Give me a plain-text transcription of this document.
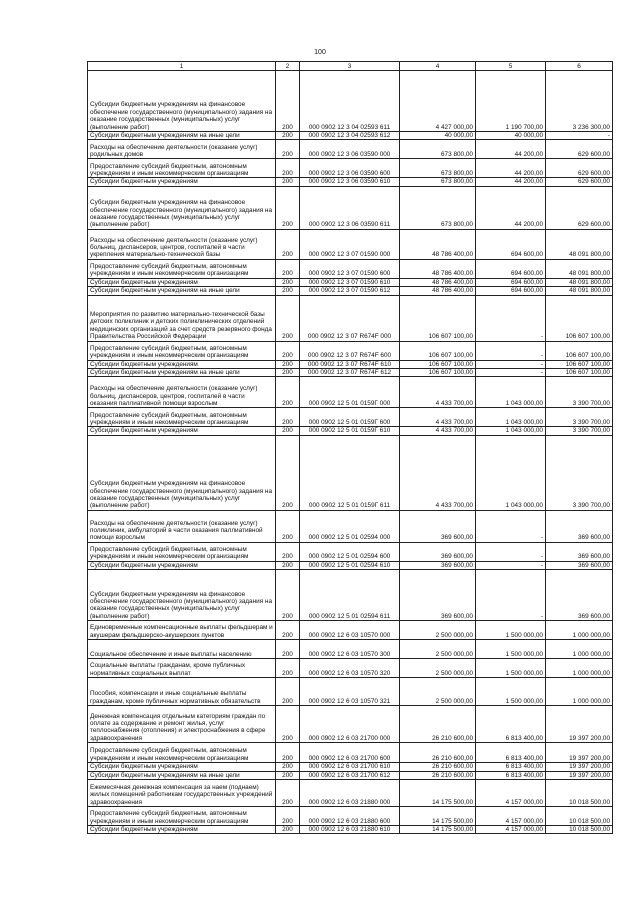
100
1	2	3	4	5	6
Субсидии бюджетным учреждениям на финансовое обеспечение государственного (муниципального) задания на оказание государственных (муниципальных) услуг (выполнение работ)	200	000 0902 12 3 04 02593 611	4 427 000,00	1 190 700,00	3 236 300,00
Субсидии бюджетным учреждениям на иные цели	200	000 0902 12 3 04 02593 612	40 000,00	40 000,00	-
Расходы на обеспечение деятельности (оказание услуг) родильных домов	200	000 0902 12 3 06 03590 000	673 800,00	44 200,00	629 600,00
Предоставление субсидий бюджетным, автономным учреждениям и иным некоммерческим организациям	200	000 0902 12 3 06 03590 600	673 800,00	44 200,00	629 600,00
Субсидии бюджетным учреждениям	200	000 0902 12 3 06 03590 610	673 800,00	44 200,00	629 600,00
Субсидии бюджетным учреждениям на финансовое обеспечение государственного (муниципального) задания на оказание государственных (муниципальных) услуг (выполнение работ)	200	000 0902 12 3 06 03590 611	673 800,00	44 200,00	629 600,00
Расходы на обеспечение деятельности (оказание услуг) больниц, диспансеров, центров, госпиталей в части укрепления материально-технической базы	200	000 0902 12 3 07 01590 000	48 786 400,00	694 600,00	48 091 800,00
Предоставление субсидий бюджетным, автономным учреждениям и иным некоммерческим организациям	200	000 0902 12 3 07 01590 600	48 786 400,00	694 600,00	48 091 800,00
Субсидии бюджетным учреждениям	200	000 0902 12 3 07 01590 610	48 786 400,00	694 600,00	48 091 800,00
Субсидии бюджетным учреждениям на иные цели	200	000 0902 12 3 07 01590 612	48 786 400,00	694 600,00	48 091 800,00
Мероприятия по развитию материально-технической базы детских поликлиник и детских поликлинических отделений медицинских организаций за счет средств резервного фонда Правительства Российской Федерации	200	000 0902 12 3 07 R674F 000	106 607 100,00	-	106 607 100,00
Предоставление субсидий бюджетным, автономным учреждениям и иным некоммерческим организациям	200	000 0902 12 3 07 R674F 600	106 607 100,00	-	106 607 100,00
Субсидии бюджетным учреждениям	200	000 0902 12 3 07 R674F 610	106 607 100,00	-	106 607 100,00
Субсидии бюджетным учреждениям на иные цели	200	000 0902 12 3 07 R674F 612	106 607 100,00	-	106 607 100,00
Расходы на обеспечение деятельности (оказание услуг) больниц, диспансеров, центров, госпиталей в части оказания паллиативной помощи взрослым	200	000 0902 12 5 01 0159Г 000	4 433 700,00	1 043 000,00	3 390 700,00
Предоставление субсидий бюджетным, автономным учреждениям и иным некоммерческим организациям	200	000 0902 12 5 01 0159Г 600	4 433 700,00	1 043 000,00	3 390 700,00
Субсидии бюджетным учреждениям	200	000 0902 12 5 01 0159Г 610	4 433 700,00	1 043 000,00	3 390 700,00
Субсидии бюджетным учреждениям на финансовое обеспечение государственного (муниципального) задания на оказание государственных (муниципальных) услуг (выполнение работ)	200	000 0902 12 5 01 0159Г 611	4 433 700,00	1 043 000,00	3 390 700,00
Расходы на обеспечение деятельности (оказание услуг) поликлиник, амбулаторий в части оказания паллиативной помощи взрослым	200	000 0902 12 5 01 02594 000	369 600,00	-	369 600,00
Предоставление субсидий бюджетным, автономным учреждениям и иным некоммерческим организациям	200	000 0902 12 5 01 02594 600	369 600,00	-	369 600,00
Субсидии бюджетным учреждениям	200	000 0902 12 5 01 02594 610	369 600,00	-	369 600,00
Субсидии бюджетным учреждениям на финансовое обеспечение государственного (муниципального) задания на оказание государственных (муниципальных) услуг (выполнение работ)	200	000 0902 12 5 01 02594 611	369 600,00	-	369 600,00
Единовременные компенсационные выплаты фельдшерам и акушерам фельдшерско-акушерских пунктов	200	000 0902 12 6 03 10570 000	2 500 000,00	1 500 000,00	1 000 000,00
Социальное обеспечение и иные выплаты населению	200	000 0902 12 6 03 10570 300	2 500 000,00	1 500 000,00	1 000 000,00
Социальные выплаты гражданам, кроме публичных нормативных социальных выплат	200	000 0902 12 6 03 10570 320	2 500 000,00	1 500 000,00	1 000 000,00
Пособия, компенсации и иные социальные выплаты гражданам, кроме публичных нормативных обязательств	200	000 0902 12 6 03 10570 321	2 500 000,00	1 500 000,00	1 000 000,00
Денежная компенсация отдельным категориям граждан по оплате за содержание и ремонт жилья, услуг теплоснабжения (отопления) и электроснабжения в сфере здравоохранения	200	000 0902 12 6 03 21700 000	26 210 600,00	6 813 400,00	19 397 200,00
Предоставление субсидий бюджетным, автономным учреждениям и иным некоммерческим организациям	200	000 0902 12 6 03 21700 600	26 210 600,00	6 813 400,00	19 397 200,00
Субсидии бюджетным учреждениям	200	000 0902 12 6 03 21700 610	26 210 600,00	6 813 400,00	19 397 200,00
Субсидии бюджетным учреждениям на иные цели	200	000 0902 12 6 03 21700 612	26 210 600,00	6 813 400,00	19 397 200,00
Ежемесячная денежная компенсация за наем (поднаем) жилых помещений работникам государственных учреждений здравоохранения	200	000 0902 12 6 03 21880 000	14 175 500,00	4 157 000,00	10 018 500,00
Предоставление субсидий бюджетным, автономным учреждениям и иным некоммерческим организациям	200	000 0902 12 6 03 21880 600	14 175 500,00	4 157 000,00	10 018 500,00
Субсидии бюджетным учреждениям	200	000 0902 12 6 03 21880 610	14 175 500,00	4 157 000,00	10 018 500,00
